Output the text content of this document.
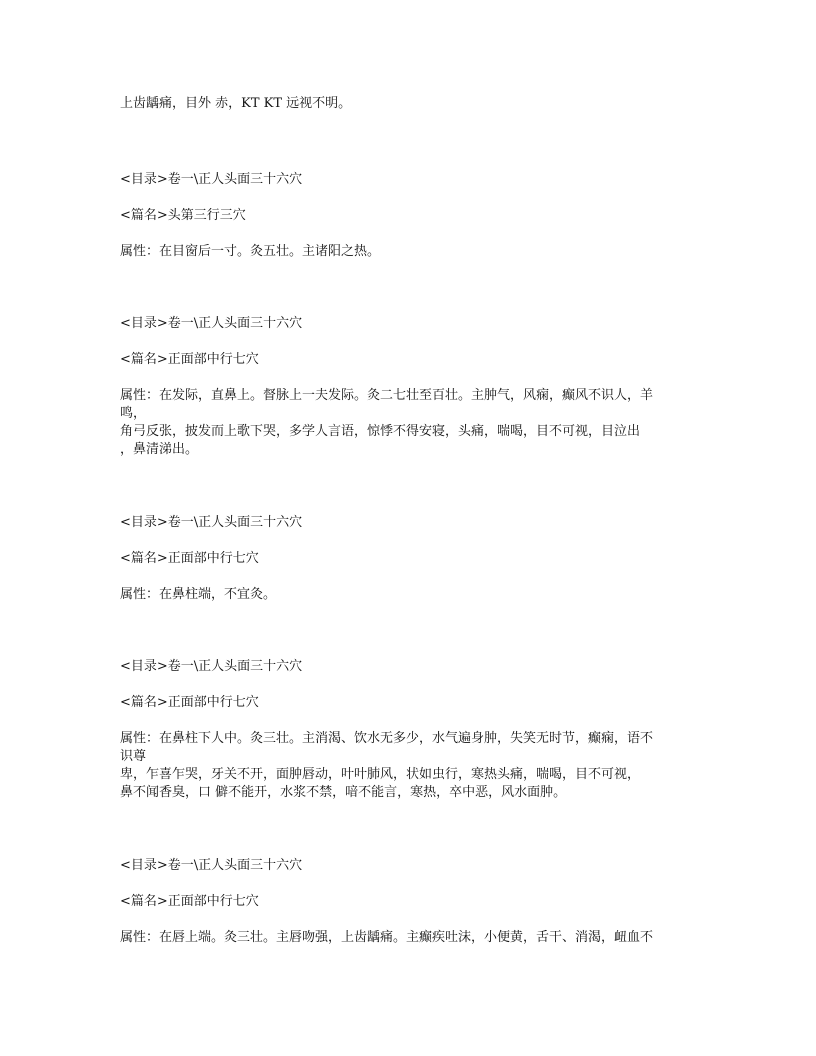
上齿龋痛，目外 赤，KT KT 远视不明。

<目录>卷一\正人头面三十六穴

<篇名>头第三行三穴

属性：在目窗后一寸。灸五壮。主诸阳之热。

<目录>卷一\正人头面三十六穴

<篇名>正面部中行七穴

属性：在发际，直鼻上。督脉上一夫发际。灸二七壮至百壮。主肿气，风痫，癫风不识人，羊

鸣，

角弓反张，披发而上歌下哭，多学人言语，惊悸不得安寝，头痛，喘喝，目不可视，目泣出

，鼻清涕出。

<目录>卷一\正人头面三十六穴

<篇名>正面部中行七穴

属性：在鼻柱端，不宜灸。

<目录>卷一\正人头面三十六穴

<篇名>正面部中行七穴

属性：在鼻柱下人中。灸三壮。主消渴、饮水无多少，水气遍身肿，失笑无时节，癫痫，语不

识尊

卑，乍喜乍哭，牙关不开，面肿唇动，叶叶肺风，状如虫行，寒热头痛，喘喝，目不可视，

鼻不闻香臭，口 僻不能开，水浆不禁，喑不能言，寒热，卒中恶，风水面肿。

<目录>卷一\正人头面三十六穴

<篇名>正面部中行七穴

属性：在唇上端。灸三壮。主唇吻强，上齿龋痛。主癫疾吐沫，小便黄，舌干、消渴，衄血不
